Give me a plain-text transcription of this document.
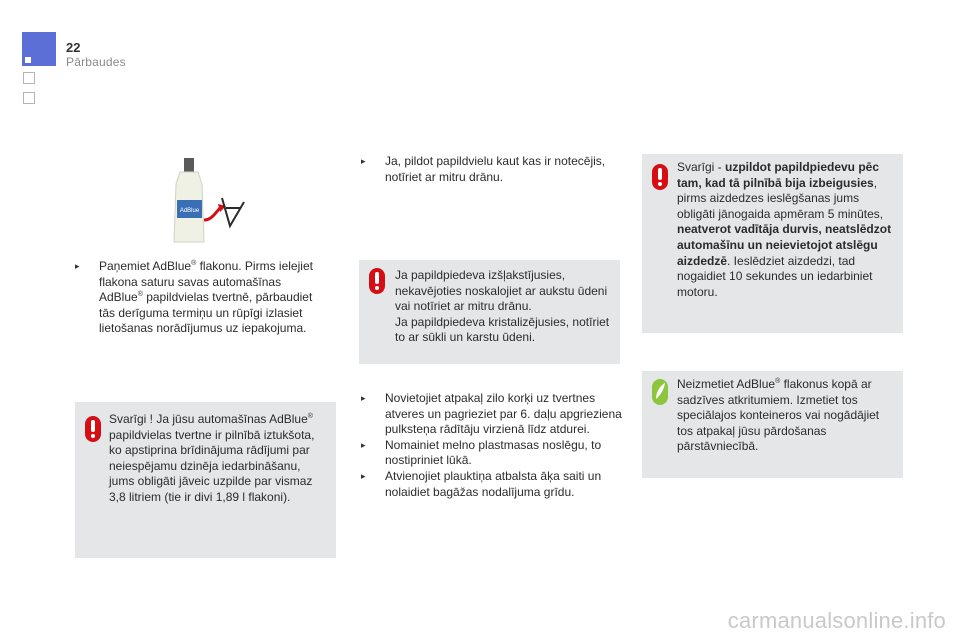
22
Pārbaudes
AdBlue
▸	Paņemiet AdBlue® flakonu. Pirms ielejiet flakona saturu savas automašīnas AdBlue® papildvielas tvertnē, pārbaudiet tās derīguma termiņu un rūpīgi izlasiet lietošanas norādījumus uz iepakojuma.
Svarīgi ! Ja jūsu automašīnas AdBlue® papildvielas tvertne ir pilnībā iztukšota, ko apstiprina brīdinājuma rādījumi par neiespējamu dzinēja iedarbināšanu, jums obligāti jāveic uzpilde par vismaz 3,8 litriem (tie ir divi 1,89 l flakoni).
▸	Ja, pildot papildvielu kaut kas ir notecējis, notīriet ar mitru drānu.
Ja papildpiedeva izšļakstījusies, nekavējoties noskalojiet ar aukstu ūdeni vai notīriet ar mitru drānu.
Ja papildpiedeva kristalizējusies, notīriet to ar sūkli un karstu ūdeni.
▸	Novietojiet atpakaļ zilo korķi uz tvertnes atveres un pagrieziet par 6. daļu apgrieziena pulksteņa rādītāju virzienā līdz atdurei.
▸	Nomainiet melno plastmasas noslēgu, to nostipriniet lūkā.
▸	Atvienojiet plauktiņa atbalsta āķa saiti un nolaidiet bagāžas nodalījuma grīdu.
Svarīgi - uzpildot papildpiedevu pēc tam, kad tā pilnībā bija izbeigusies, pirms aizdedzes ieslēgšanas jums obligāti jānogaida apmēram 5 minūtes, neatverot vadītāja durvis, neatslēdzot automašīnu un neievietojot atslēgu aizdedzē. Ieslēdziet aizdedzi, tad nogaidiet 10 sekundes un iedarbiniet motoru.
Neizmetiet AdBlue® flakonus kopā ar sadzīves atkritumiem. Izmetiet tos speciālajos konteineros vai nogādājiet tos atpakaļ jūsu pārdošanas pārstāvniecībā.
carmanualsonline.info
